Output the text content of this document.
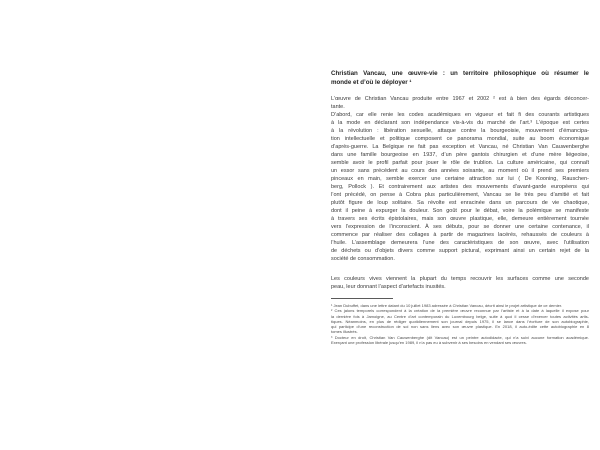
Christian Vancau, une œuvre-vie : un territoire philosophique où résumer le
monde et d’où le déployer ¹
L’œuvre de Christian Vancau produite entre 1967 et 2002 ² est à bien des égards déconcer-
tante.
D’abord, car elle renie les codes académiques en vigueur et fait fi des courants artistiques
à la mode en déclarant son indépendance vis-à-vis du marché de l’art.³ L’époque est certes
à la révolution : libération sexuelle, attaque contre la bourgeoisie, mouvement d’émancipa-
tion intellectuelle et politique composent ce panorama mondial, suite au boom économique
d’après-guerre. La Belgique ne fait pas exception et Vancau, né Christian Van Cauwenberghe
dans une famille bourgeoise en 1937, d’un père gantois chirurgien et d’une mère liégeoise,
semble avoir le profil parfait pour jouer le rôle de trublion. La culture américaine, qui connaît
un essor sans précédent au cours des années soixante, au moment où il prend ses premiers
pinceaux en main, semble exercer une certaine attraction sur lui ( De Kooning, Rauschen-
berg, Pollock ). Et contrairement aux artistes des mouvements d’avant-garde européens qui
l’ont précédé, on pense à Cobra plus particulièrement, Vancau se lie très peu d’amitié et fait
plutôt figure de loup solitaire. Sa révolte est enracinée dans un parcours de vie chaotique,
dont il peine à expurger la douleur. Son goût pour le débat, voire la polémique se manifeste
à travers ses écrits épistolaires, mais son œuvre plastique, elle, demeure entièrement tournée
vers l’expression de l’inconscient. À ses débuts, pour se donner une certaine contenance, il
commence par réaliser des collages à partir de magazines lacérés, rehaussés de couleurs à
l’huile. L’assemblage demeurera l’une des caractéristiques de son œuvre, avec l’utilisation
de déchets ou d’objets divers comme support pictural, exprimant ainsi un certain rejet de la
société de consommation.
Les couleurs vives viennent la plupart du temps recouvrir les surfaces comme une seconde
peau, leur donnant l’aspect d’artefacts inusités.
¹ Jean Dubuffet, dans une lettre datant du 10 juillet 1983 adressée à Christian Vancau, décrit ainsi le projet artistique de ce dernier.
² Ces jalons temporels correspondent à la création de la première œuvre reconnue par l’artiste et à la date à laquelle il expose pour
la dernière fois à Jamoigne, au Centre d’art contemporain du Luxembourg belge, suite à quoi il cesse d’exercer toutes activités artis-
tiques. Néanmoins, en plus de rédiger quotidiennement son journal depuis 1975, il se lance dans l’écriture de son autobiographie,
qui participe d’une reconstruction de soi non sans liens avec son œuvre plastique. En 2018, il auto-édite cette autobiographie en 8
tomes illustrés.
³ Docteur en droit, Christian Van Cauwenberghe (dit Vancau) est un peintre autodidacte, qui n’a suivi aucune formation académique.
Exerçant une profession libérale jusqu’en 1989, il n’a pas eu à subvenir à ses besoins en vendant ses œuvres.
